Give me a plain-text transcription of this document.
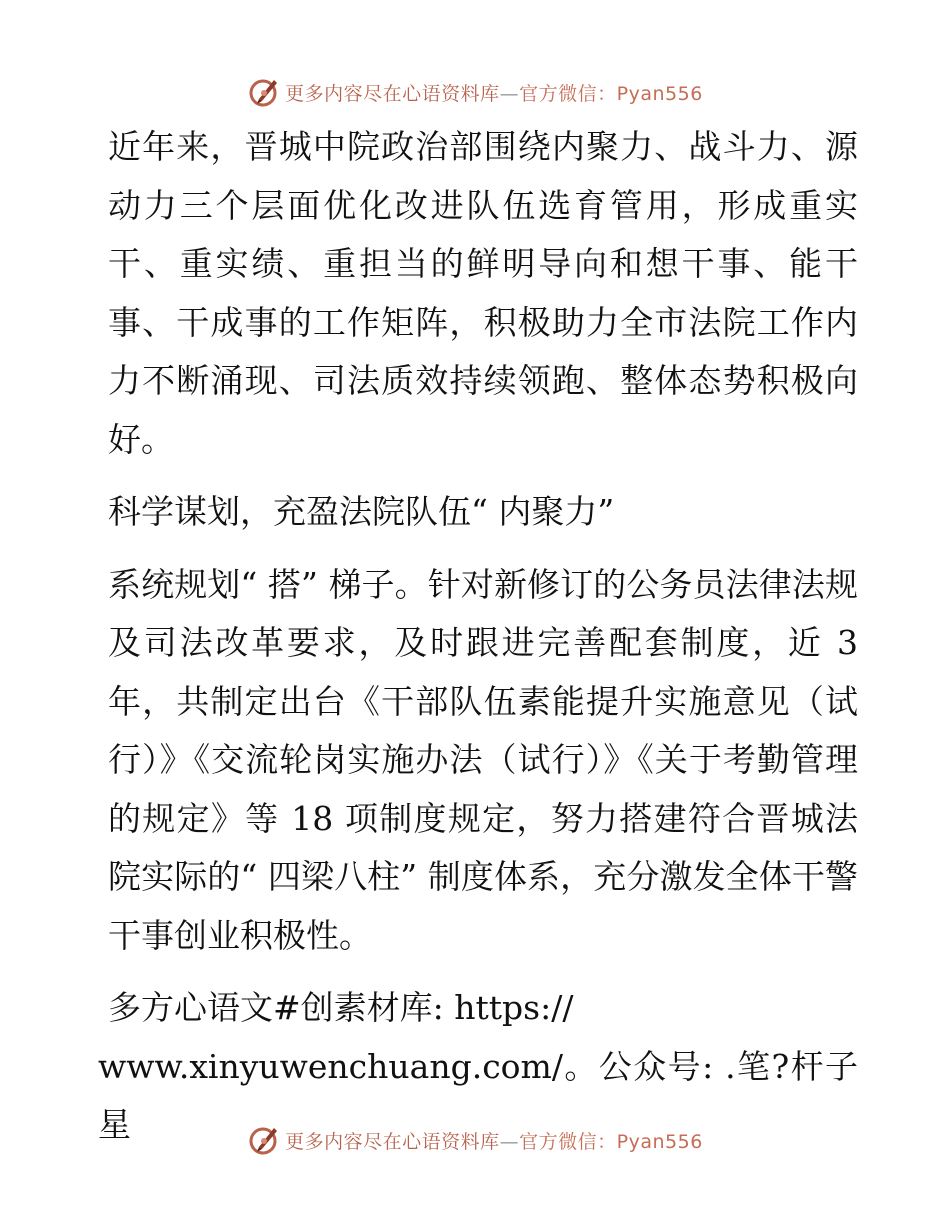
更多内容尽在心语资料库—官方微信：Pyan556

近年来，晋城中院政治部围绕内聚力、战斗力、源动力三个层面优化改进队伍选育管用，形成重实干、重实绩、重担当的鲜明导向和想干事、能干事、干成事的工作矩阵，积极助力全市法院工作内力不断涌现、司法质效持续领跑、整体态势积极向好。

科学谋划，充盈法院队伍“ 内聚力”

系统规划“ 搭” 梯子。针对新修订的公务员法律法规及司法改革要求，及时跟进完善配套制度，近 3 年，共制定出台《干部队伍素能提升实施意见（试行）》《交流轮岗实施办法（试行）》《关于考勤管理的规定》等 18 项制度规定，努力搭建符合晋城法院实际的“ 四梁八柱” 制度体系，充分激发全体干警干事创业积极性。

多方心语文#创素材库: https://

www.xinyuwenchuang.com/。公众号: .笔?杆子星	更多内容尽在心语资料库—官方微信：Pyan556
